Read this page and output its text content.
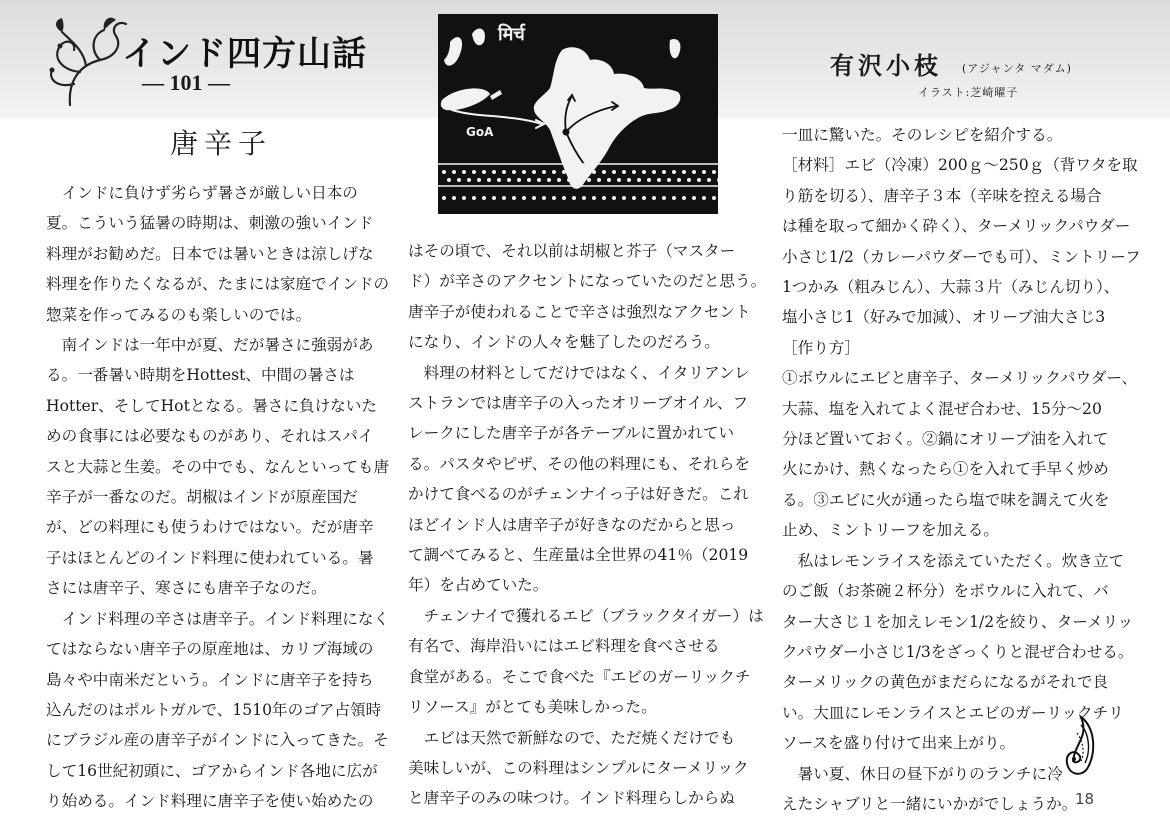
インド四方山話
— 101 —
有沢小枝 (アジャンタ マダム)
イラスト:芝崎曜子
मिर्च
GoA
唐辛子

　インドに負けず劣らず暑さが厳しい日本の

夏。こういう猛暑の時期は、刺激の強いインド

料理がお勧めだ。日本では暑いときは涼しげな

料理を作りたくなるが、たまには家庭でインドの

惣菜を作ってみるのも楽しいのでは。

　南インドは一年中が夏、だが暑さに強弱があ

る。一番暑い時期をHottest、中間の暑さは

Hotter、そしてHotとなる。暑さに負けないた

めの食事には必要なものがあり、それはスパイ

スと大蒜と生姜。その中でも、なんといっても唐

辛子が一番なのだ。胡椒はインドが原産国だ

が、どの料理にも使うわけではない。だが唐辛

子はほとんどのインド料理に使われている。暑

さには唐辛子、寒さにも唐辛子なのだ。

　インド料理の辛さは唐辛子。インド料理になく

てはならない唐辛子の原産地は、カリブ海域の

島々や中南米だという。インドに唐辛子を持ち

込んだのはポルトガルで、1510年のゴア占領時

にブラジル産の唐辛子がインドに入ってきた。そ

して16世紀初頭に、ゴアからインド各地に広が

り始める。インド料理に唐辛子を使い始めたの

はその頃で、それ以前は胡椒と芥子（マスター

ド）が辛さのアクセントになっていたのだと思う。

唐辛子が使われることで辛さは強烈なアクセント

になり、インドの人々を魅了したのだろう。

　料理の材料としてだけではなく、イタリアンレ

ストランでは唐辛子の入ったオリーブオイル、フ

レークにした唐辛子が各テーブルに置かれてい

る。パスタやピザ、その他の料理にも、それらを

かけて食べるのがチェンナイっ子は好きだ。これ

ほどインド人は唐辛子が好きなのだからと思っ

て調べてみると、生産量は全世界の41％（2019

年）を占めていた。

　チェンナイで獲れるエビ（ブラックタイガー）は

有名で、海岸沿いにはエビ料理を食べさせる

食堂がある。そこで食べた『エビのガーリックチ

リソース』がとても美味しかった。

　エビは天然で新鮮なので、ただ焼くだけでも

美味しいが、この料理はシンプルにターメリック

と唐辛子のみの味つけ。インド料理らしからぬ

一皿に驚いた。そのレシピを紹介する。

［材料］エビ（冷凍）200ｇ～250ｇ（背ワタを取

り筋を切る）、唐辛子３本（辛味を控える場合

は種を取って細かく砕く）、ターメリックパウダー

小さじ1/2（カレーパウダーでも可）、ミントリーフ

1つかみ（粗みじん）、大蒜３片（みじん切り）、

塩小さじ1（好みで加減）、オリーブ油大さじ3

［作り方］

①ボウルにエビと唐辛子、ターメリックパウダー、

大蒜、塩を入れてよく混ぜ合わせ、15分～20

分ほど置いておく。②鍋にオリーブ油を入れて

火にかけ、熱くなったら①を入れて手早く炒め

る。③エビに火が通ったら塩で味を調えて火を

止め、ミントリーフを加える。

　私はレモンライスを添えていただく。炊き立て

のご飯（お茶碗２杯分）をボウルに入れて、バ

ター大さじ１を加えレモン1/2を絞り、ターメリッ

クパウダー小さじ1/3をざっくりと混ぜ合わせる。

ターメリックの黄色がまだらになるがそれで良

い。大皿にレモンライスとエビのガーリックチリ

ソースを盛り付けて出来上がり。

　暑い夏、休日の昼下がりのランチに冷

えたシャブリと一緒にいかがでしょうか。

18
